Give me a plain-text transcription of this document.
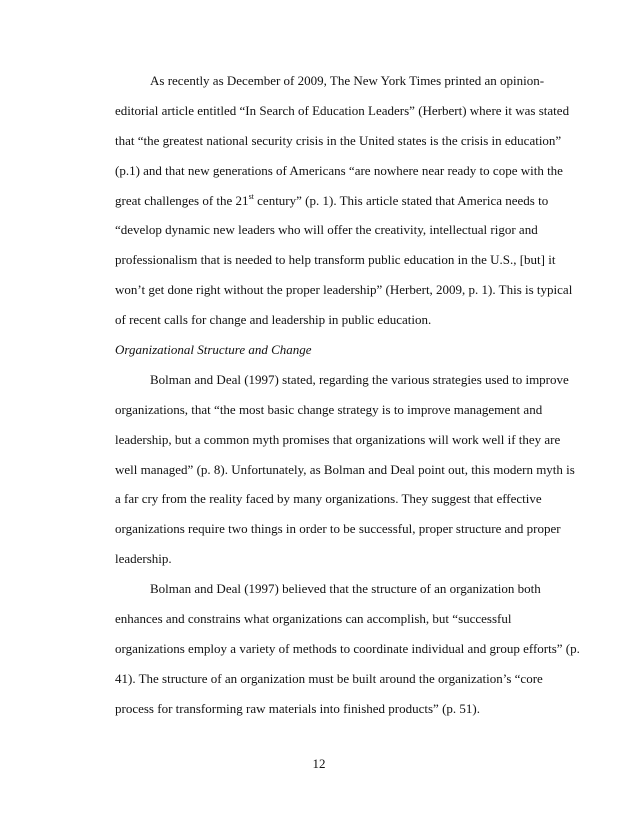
As recently as December of 2009, The New York Times printed an opinion-
editorial article entitled “In Search of Education Leaders” (Herbert) where it was stated
that “the greatest national security crisis in the United states is the crisis in education”
(p.1) and that new generations of Americans “are nowhere near ready to cope with the
great challenges of the 21st century” (p. 1). This article stated that America needs to
“develop dynamic new leaders who will offer the creativity, intellectual rigor and
professionalism that is needed to help transform public education in the U.S., [but] it
won’t get done right without the proper leadership” (Herbert, 2009, p. 1). This is typical
of recent calls for change and leadership in public education.
Organizational Structure and Change
Bolman and Deal (1997) stated, regarding the various strategies used to improve
organizations, that “the most basic change strategy is to improve management and
leadership, but a common myth promises that organizations will work well if they are
well managed” (p. 8). Unfortunately, as Bolman and Deal point out, this modern myth is
a far cry from the reality faced by many organizations. They suggest that effective
organizations require two things in order to be successful, proper structure and proper
leadership.
Bolman and Deal (1997) believed that the structure of an organization both
enhances and constrains what organizations can accomplish, but “successful
organizations employ a variety of methods to coordinate individual and group efforts” (p.
41). The structure of an organization must be built around the organization’s “core
process for transforming raw materials into finished products” (p. 51).
12
